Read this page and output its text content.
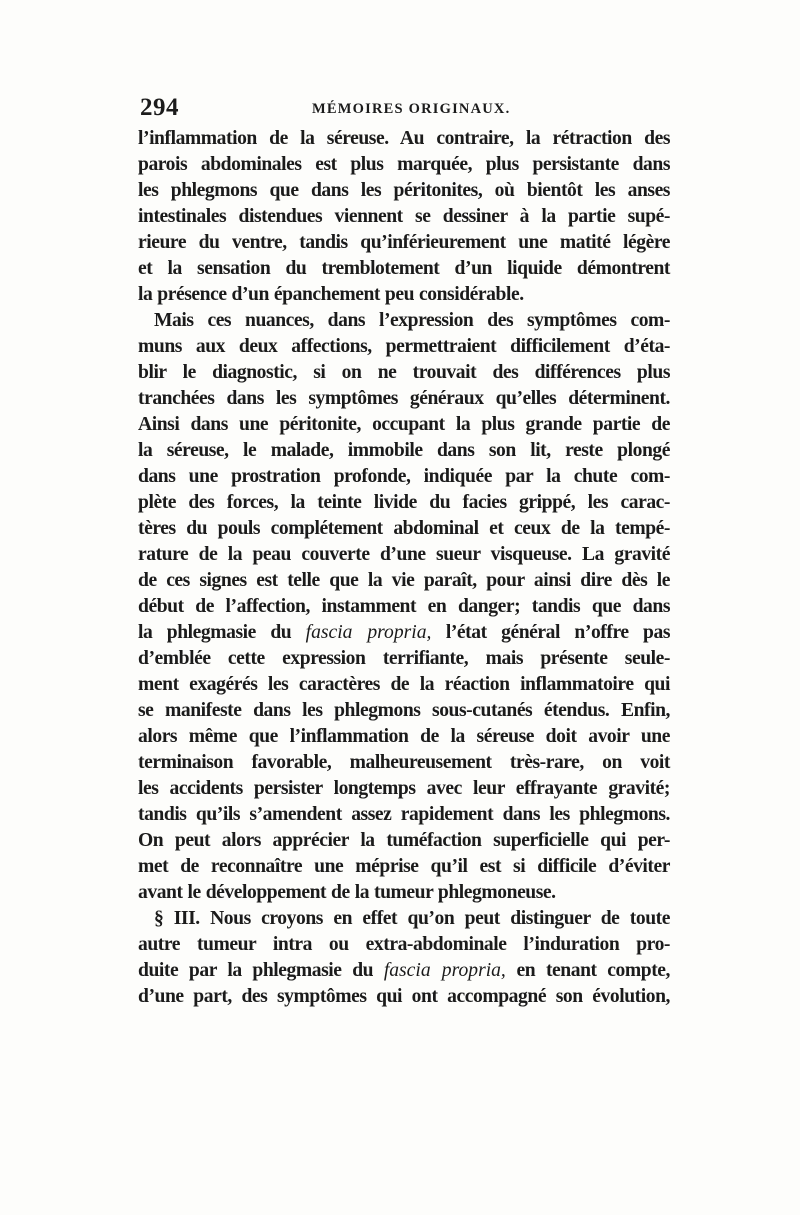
294	MÉMOIRES ORIGINAUX.
l’inflammation de la séreuse. Au contraire, la rétraction des
parois abdominales est plus marquée, plus persistante dans
les phlegmons que dans les péritonites, où bientôt les anses
intestinales distendues viennent se dessiner à la partie supé-
rieure du ventre, tandis qu’inférieurement une matité légère
et la sensation du tremblotement d’un liquide démontrent
la présence d’un épanchement peu considérable.
Mais ces nuances, dans l’expression des symptômes com-
muns aux deux affections, permettraient difficilement d’éta-
blir le diagnostic, si on ne trouvait des différences plus
tranchées dans les symptômes généraux qu’elles déterminent.
Ainsi dans une péritonite, occupant la plus grande partie de
la séreuse, le malade, immobile dans son lit, reste plongé
dans une prostration profonde, indiquée par la chute com-
plète des forces, la teinte livide du facies grippé, les carac-
tères du pouls complétement abdominal et ceux de la tempé-
rature de la peau couverte d’une sueur visqueuse. La gravité
de ces signes est telle que la vie paraît, pour ainsi dire dès le
début de l’affection, instamment en danger; tandis que dans
la phlegmasie du fascia propria, l’état général n’offre pas
d’emblée cette expression terrifiante, mais présente seule-
ment exagérés les caractères de la réaction inflammatoire qui
se manifeste dans les phlegmons sous-cutanés étendus. Enfin,
alors même que l’inflammation de la séreuse doit avoir une
terminaison favorable, malheureusement très-rare, on voit
les accidents persister longtemps avec leur effrayante gravité;
tandis qu’ils s’amendent assez rapidement dans les phlegmons.
On peut alors apprécier la tuméfaction superficielle qui per-
met de reconnaître une méprise qu’il est si difficile d’éviter
avant le développement de la tumeur phlegmoneuse.
§ III. Nous croyons en effet qu’on peut distinguer de toute
autre tumeur intra ou extra-abdominale l’induration pro-
duite par la phlegmasie du fascia propria, en tenant compte,
d’une part, des symptômes qui ont accompagné son évolution,
